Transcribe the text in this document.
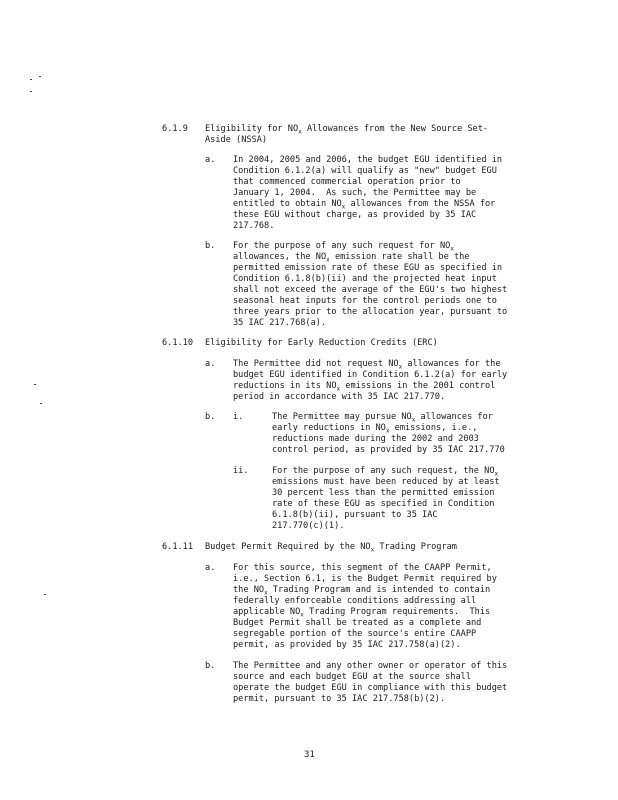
6.1.9 Eligibility for $NO_x$ Allowances from the New Source Set-
Aside (NSSA)
a. In 2004, 2005 and 2006, the budget EGU identified in
Condition 6.1.2(a) will qualify as "new" budget EGU
that commenced commercial operation prior to
January 1, 2004.  As such, the Permittee may be
entitled to obtain $NO_x$ allowances from the NSSA for
these EGU without charge, as provided by 35 IAC
217.768.
b. For the purpose of any such request for $NO_x$
allowances, the $NO_x$ emission rate shall be the
permitted emission rate of these EGU as specified in
Condition 6.1.8(b)(ii) and the projected heat input
shall not exceed the average of the EGU's two highest
seasonal heat inputs for the control periods one to
three years prior to the allocation year, pursuant to
35 IAC 217.768(a).
6.1.10 Eligibility for Early Reduction Credits (ERC)
a. The Permittee did not request $NO_x$ allowances for the
budget EGU identified in Condition 6.1.2(a) for early
reductions in its $NO_x$ emissions in the 2001 control
period in accordance with 35 IAC 217.770.
b. i.	The Permittee may pursue $NO_x$ allowances for
early reductions in $NO_x$ emissions, i.e.,
reductions made during the 2002 and 2003
control period, as provided by 35 IAC 217.770
ii.	For the purpose of any such request, the $NO_x$
emissions must have been reduced by at least
30 percent less than the permitted emission
rate of these EGU as specified in Condition
6.1.8(b)(ii), pursuant to 35 IAC
217.770(c)(1).
6.1.11 Budget Permit Required by the $NO_x$ Trading Program
a. For this source, this segment of the CAAPP Permit,
i.e., Section 6.1, is the Budget Permit required by
the $NO_x$ Trading Program and is intended to contain
federally enforceable conditions addressing all
applicable $NO_x$ Trading Program requirements.  This
Budget Permit shall be treated as a complete and
segregable portion of the source's entire CAAPP
permit, as provided by 35 IAC 217.758(a)(2).
b. The Permittee and any other owner or operator of this
source and each budget EGU at the source shall
operate the budget EGU in compliance with this budget
permit, pursuant to 35 IAC 217.758(b)(2).
31
